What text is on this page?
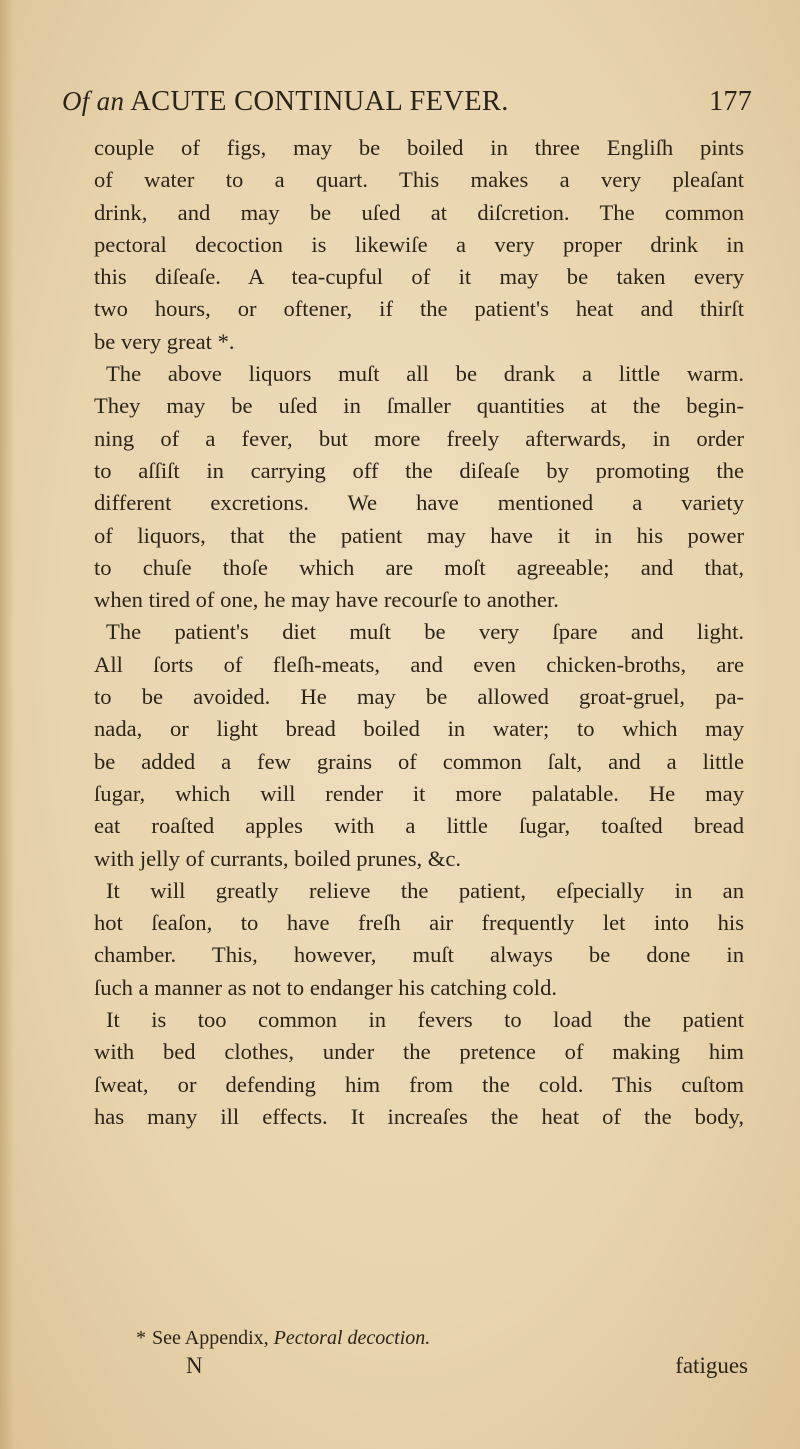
Of an ACUTE CONTINUAL FEVER.	177
couple of figs, may be boiled in three Engliſh pints
of water to a quart. This makes a very pleaſant
drink, and may be uſed at diſcretion. The common
pectoral decoction is likewiſe a very proper drink in
this diſeaſe. A tea-cupful of it may be taken every
two hours, or oftener, if the patient's heat and thirſt
be very great *.
The above liquors muſt all be drank a little warm.
They may be uſed in ſmaller quantities at the begin-
ning of a fever, but more freely afterwards, in order
to aſſiſt in carrying off the diſeaſe by promoting the
different excretions. We have mentioned a variety
of liquors, that the patient may have it in his power
to chuſe thoſe which are moſt agreeable; and that,
when tired of one, he may have recourſe to another.
The patient's diet muſt be very ſpare and light.
All ſorts of fleſh-meats, and even chicken-broths, are
to be avoided. He may be allowed groat-gruel, pa-
nada, or light bread boiled in water; to which may
be added a few grains of common ſalt, and a little
ſugar, which will render it more palatable. He may
eat roaſted apples with a little ſugar, toaſted bread
with jelly of currants, boiled prunes, &c.
It will greatly relieve the patient, eſpecially in an
hot ſeaſon, to have freſh air frequently let into his
chamber. This, however, muſt always be done in
ſuch a manner as not to endanger his catching cold.
It is too common in fevers to load the patient
with bed clothes, under the pretence of making him
ſweat, or defending him from the cold. This cuſtom
has many ill effects. It increaſes the heat of the body,
* See Appendix, Pectoral decoction.
N	fatigues
